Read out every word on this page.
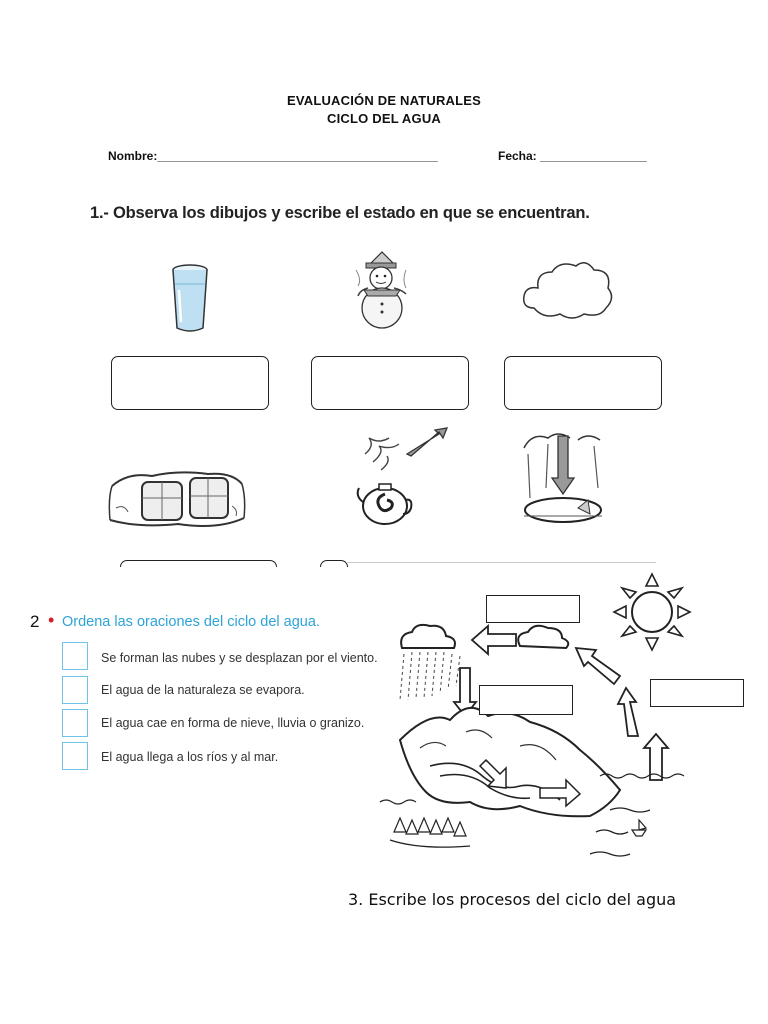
EVALUACIÓN DE NATURALES
CICLO DEL AGUA
Nombre:__________________________________________	Fecha: ________________
1.- Observa los dibujos y escribe el estado en que se encuentran.
2 • Ordena las oraciones del ciclo del agua.
Se forman las nubes y se desplazan por el viento.
El agua de la naturaleza se evapora.
El agua cae en forma de nieve, lluvia o granizo.
El agua llega a los ríos y al mar.
3. Escribe los procesos del ciclo del agua
